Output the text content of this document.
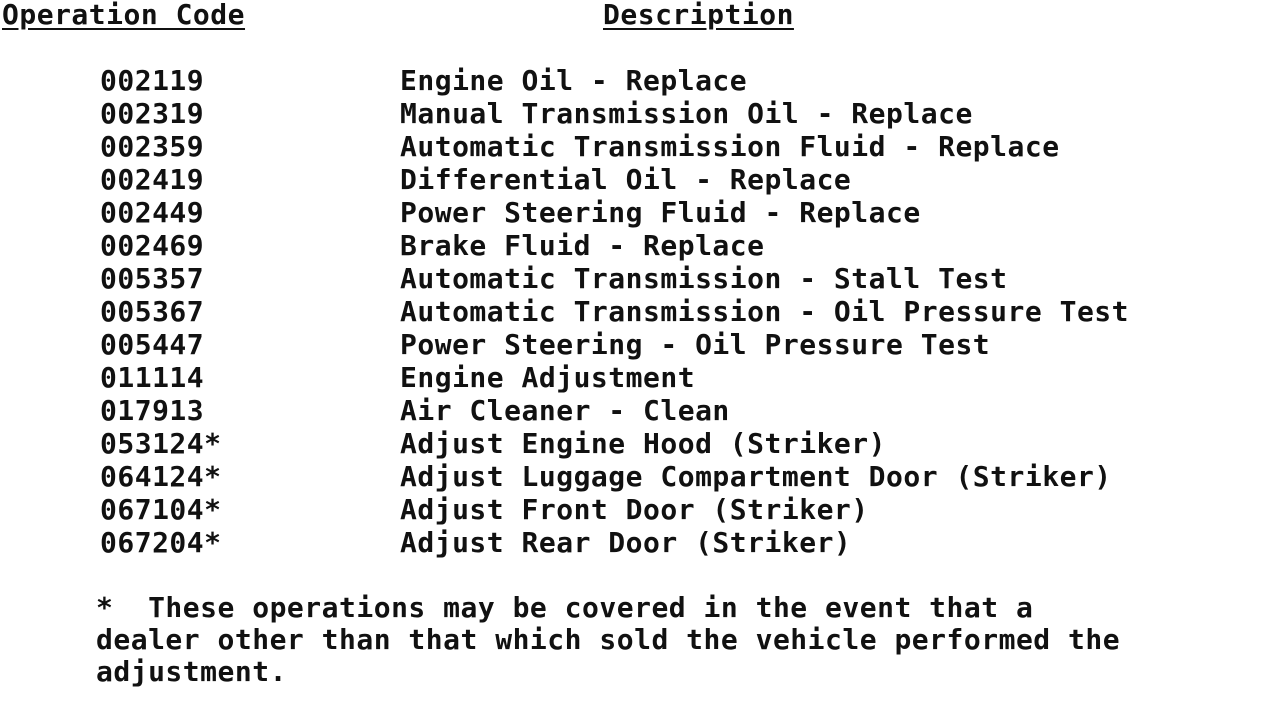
Operation Code	Description
002119	Engine Oil - Replace
002319	Manual Transmission Oil - Replace
002359	Automatic Transmission Fluid - Replace
002419	Differential Oil - Replace
002449	Power Steering Fluid - Replace
002469	Brake Fluid - Replace
005357	Automatic Transmission - Stall Test
005367	Automatic Transmission - Oil Pressure Test
005447	Power Steering - Oil Pressure Test
011114	Engine Adjustment
017913	Air Cleaner - Clean
053124*	Adjust Engine Hood (Striker)
064124*	Adjust Luggage Compartment Door (Striker)
067104*	Adjust Front Door (Striker)
067204*	Adjust Rear Door (Striker)
*  These operations may be covered in the event that a
dealer other than that which sold the vehicle performed the
adjustment.
